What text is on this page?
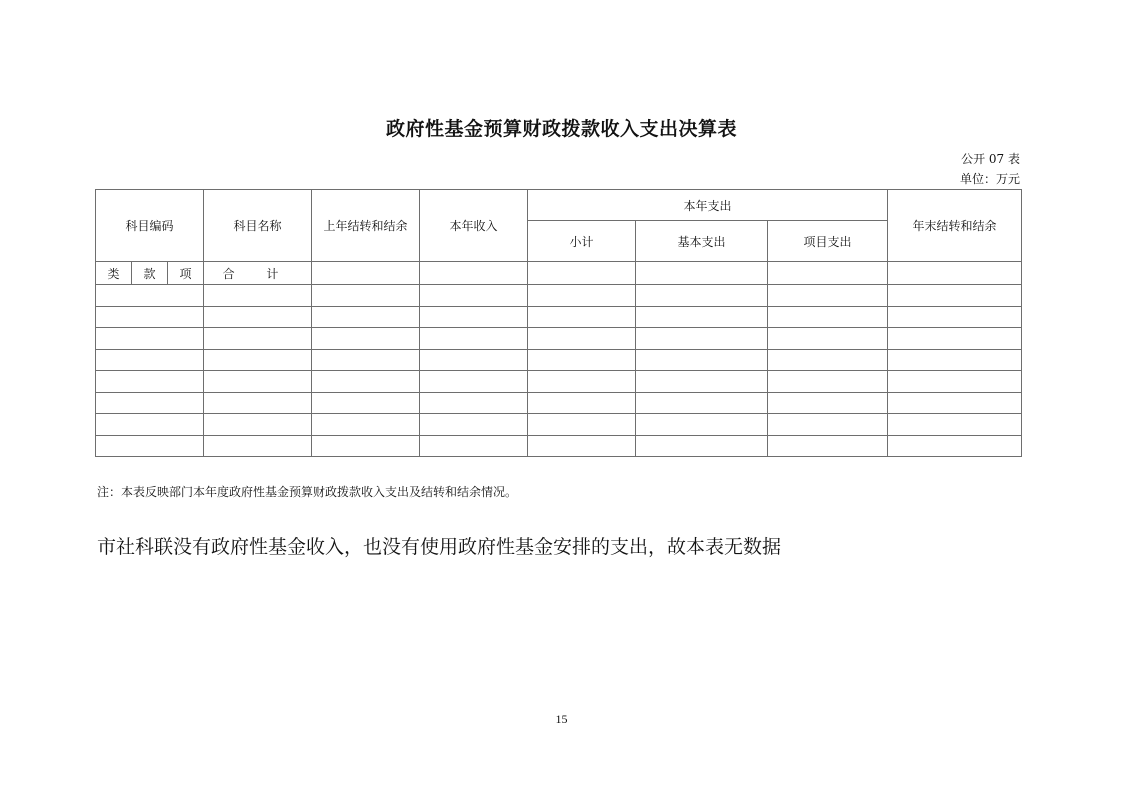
政府性基金预算财政拨款收入支出决算表
公开 07 表
单位：万元
科目编码	科目名称	上年结转和结余	本年收入	本年支出			年末结转和结余
				小计	基本支出	项目支出	

类 款 项	合 计						

注：本表反映部门本年度政府性基金预算财政拨款收入支出及结转和结余情况。
市社科联没有政府性基金收入，也没有使用政府性基金安排的支出，故本表无数据
15
